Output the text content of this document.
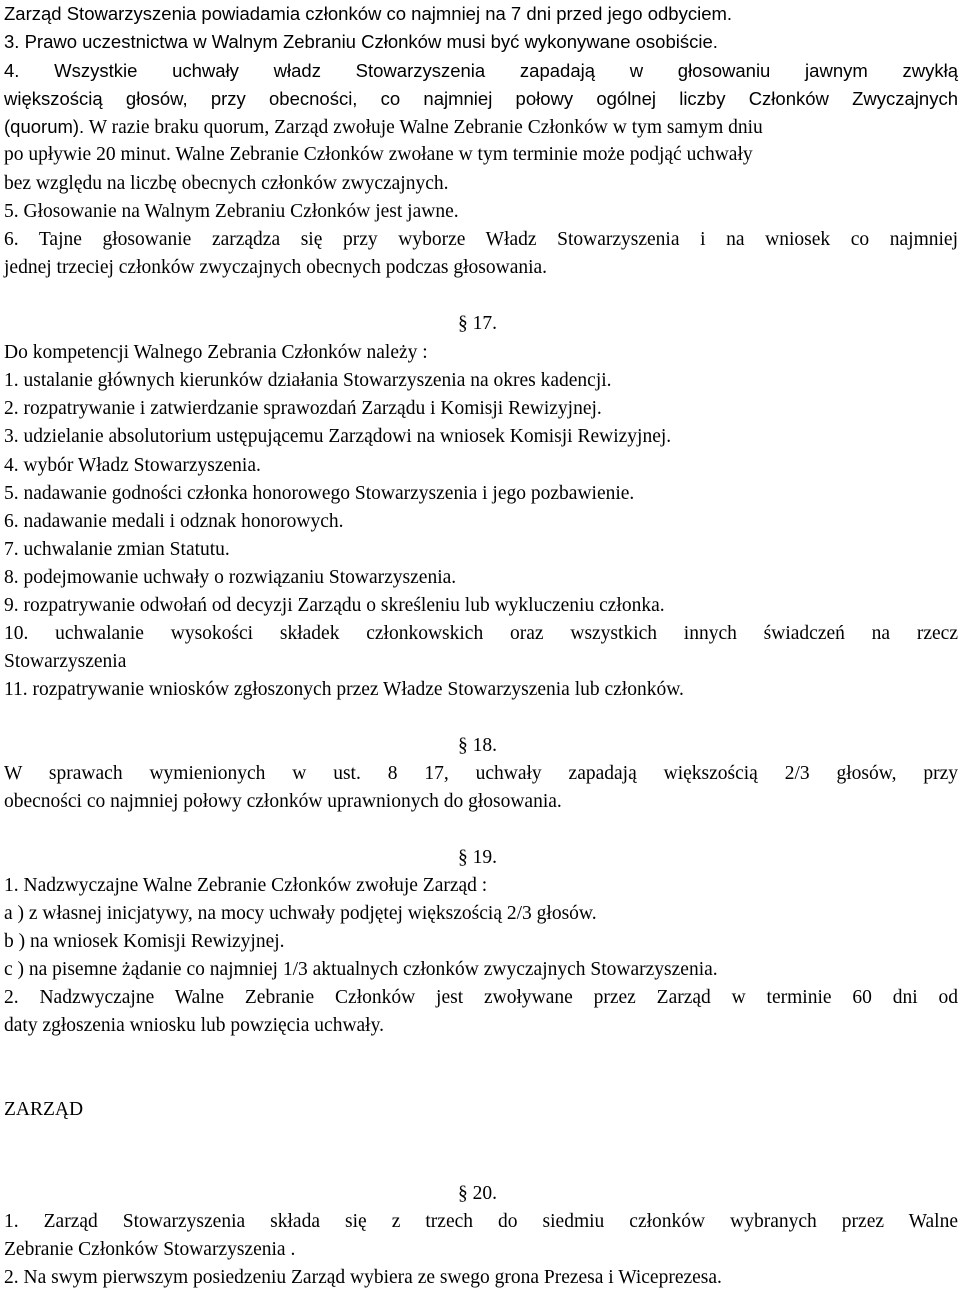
Zarząd Stowarzyszenia powiadamia członków co najmniej na 7 dni przed jego odbyciem.
3. Prawo uczestnictwa w Walnym Zebraniu Członków musi być wykonywane osobiście.
4. Wszystkie uchwały władz Stowarzyszenia zapadają w głosowaniu jawnym zwykłą
większością głosów, przy obecności, co najmniej połowy ogólnej liczby Członków Zwyczajnych
(quorum). W razie braku quorum, Zarząd zwołuje Walne Zebranie Członków w tym samym dniu
po upływie 20 minut. Walne Zebranie Członków zwołane w tym terminie może podjąć uchwały
bez względu na liczbę obecnych członków zwyczajnych.
5. Głosowanie na Walnym Zebraniu Członków jest jawne.
6. Tajne głosowanie zarządza się przy wyborze Władz Stowarzyszenia i na wniosek co najmniej
jednej trzeciej członków zwyczajnych obecnych podczas głosowania.
§ 17.
Do kompetencji Walnego Zebrania Członków należy :
1. ustalanie głównych kierunków działania Stowarzyszenia na okres kadencji.
2. rozpatrywanie i zatwierdzanie sprawozdań Zarządu i Komisji Rewizyjnej.
3. udzielanie absolutorium ustępującemu Zarządowi na wniosek Komisji Rewizyjnej.
4. wybór Władz Stowarzyszenia.
5. nadawanie godności członka honorowego Stowarzyszenia i jego pozbawienie.
6. nadawanie medali i odznak honorowych.
7. uchwalanie zmian Statutu.
8. podejmowanie uchwały o rozwiązaniu Stowarzyszenia.
9. rozpatrywanie odwołań od decyzji Zarządu o skreśleniu lub wykluczeniu członka.
10. uchwalanie wysokości składek członkowskich oraz wszystkich innych świadczeń na rzecz
Stowarzyszenia
11. rozpatrywanie wniosków zgłoszonych przez Władze Stowarzyszenia lub członków.
§ 18.
W sprawach wymienionych w ust. 8 17, uchwały zapadają większością 2/3 głosów, przy
obecności co najmniej połowy członków uprawnionych do głosowania.
§ 19.
1. Nadzwyczajne Walne Zebranie Członków zwołuje Zarząd :
a ) z własnej inicjatywy, na mocy uchwały podjętej większością 2/3 głosów.
b ) na wniosek Komisji Rewizyjnej.
c ) na pisemne żądanie co najmniej 1/3 aktualnych członków zwyczajnych Stowarzyszenia.
2. Nadzwyczajne Walne Zebranie Członków jest zwoływane przez Zarząd w terminie 60 dni od
daty zgłoszenia wniosku lub powzięcia uchwały.
ZARZĄD
§ 20.
1. Zarząd Stowarzyszenia składa się z trzech do siedmiu członków wybranych przez Walne
Zebranie Członków Stowarzyszenia .
2. Na swym pierwszym posiedzeniu Zarząd wybiera ze swego grona Prezesa i Wiceprezesa.
